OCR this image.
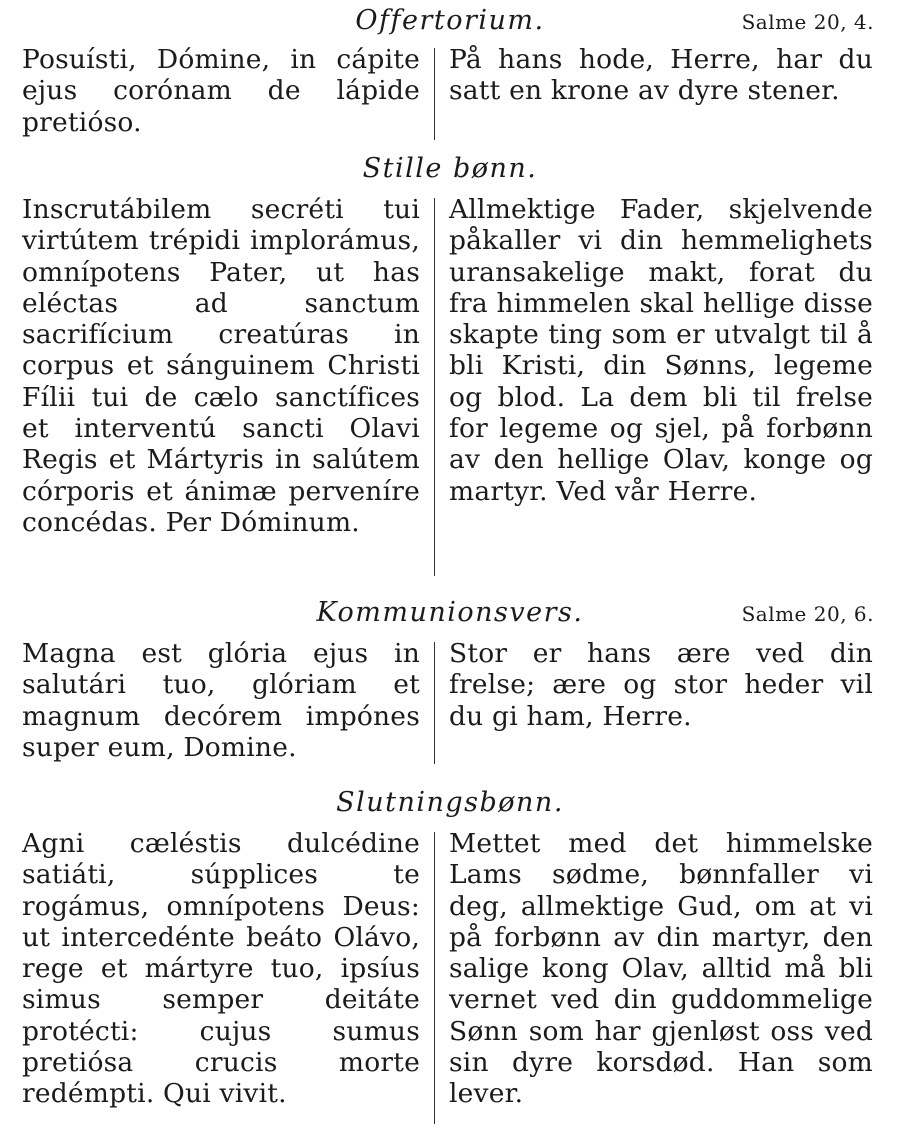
Offertorium.	Salme 20, 4.
Posuísti, Dómine, in cápite ejus corónam de lápide pretióso.
På hans hode, Herre, har du satt en krone av dyre stener.
Stille bønn.
Inscrutábilem secréti tui virtútem trépidi implorámus, omnípotens Pater, ut has eléctas ad sanctum sacrifícium creatúras in corpus et sánguinem Christi Fílii tui de cælo sanctífices et interventú sancti Olavi Regis et Mártyris in salútem córporis et ánimæ perveníre concédas. Per Dóminum.
Allmektige Fader, skjelvende påkaller vi din hemmelighets uransakelige makt, forat du fra himmelen skal hellige disse skapte ting som er utvalgt til å bli Kristi, din Sønns, legeme og blod. La dem bli til frelse for legeme og sjel, på forbønn av den hellige Olav, konge og martyr. Ved vår Herre.
Kommunionsvers.	Salme 20, 6.
Magna est glória ejus in salutári tuo, glóriam et magnum decórem impónes super eum, Domine.
Stor er hans ære ved din frelse; ære og stor heder vil du gi ham, Herre.
Slutningsbønn.
Agni cæléstis dulcédine satiáti, súpplices te rogámus, omnípotens Deus: ut intercedénte beáto Olávo, rege et mártyre tuo, ipsíus simus semper deitáte protécti: cujus sumus pretiósa crucis morte redémpti. Qui vivit.
Mettet med det himmelske Lams sødme, bønnfaller vi deg, allmektige Gud, om at vi på forbønn av din martyr, den salige kong Olav, alltid må bli vernet ved din guddommelige Sønn som har gjenløst oss ved sin dyre korsdød. Han som lever.
